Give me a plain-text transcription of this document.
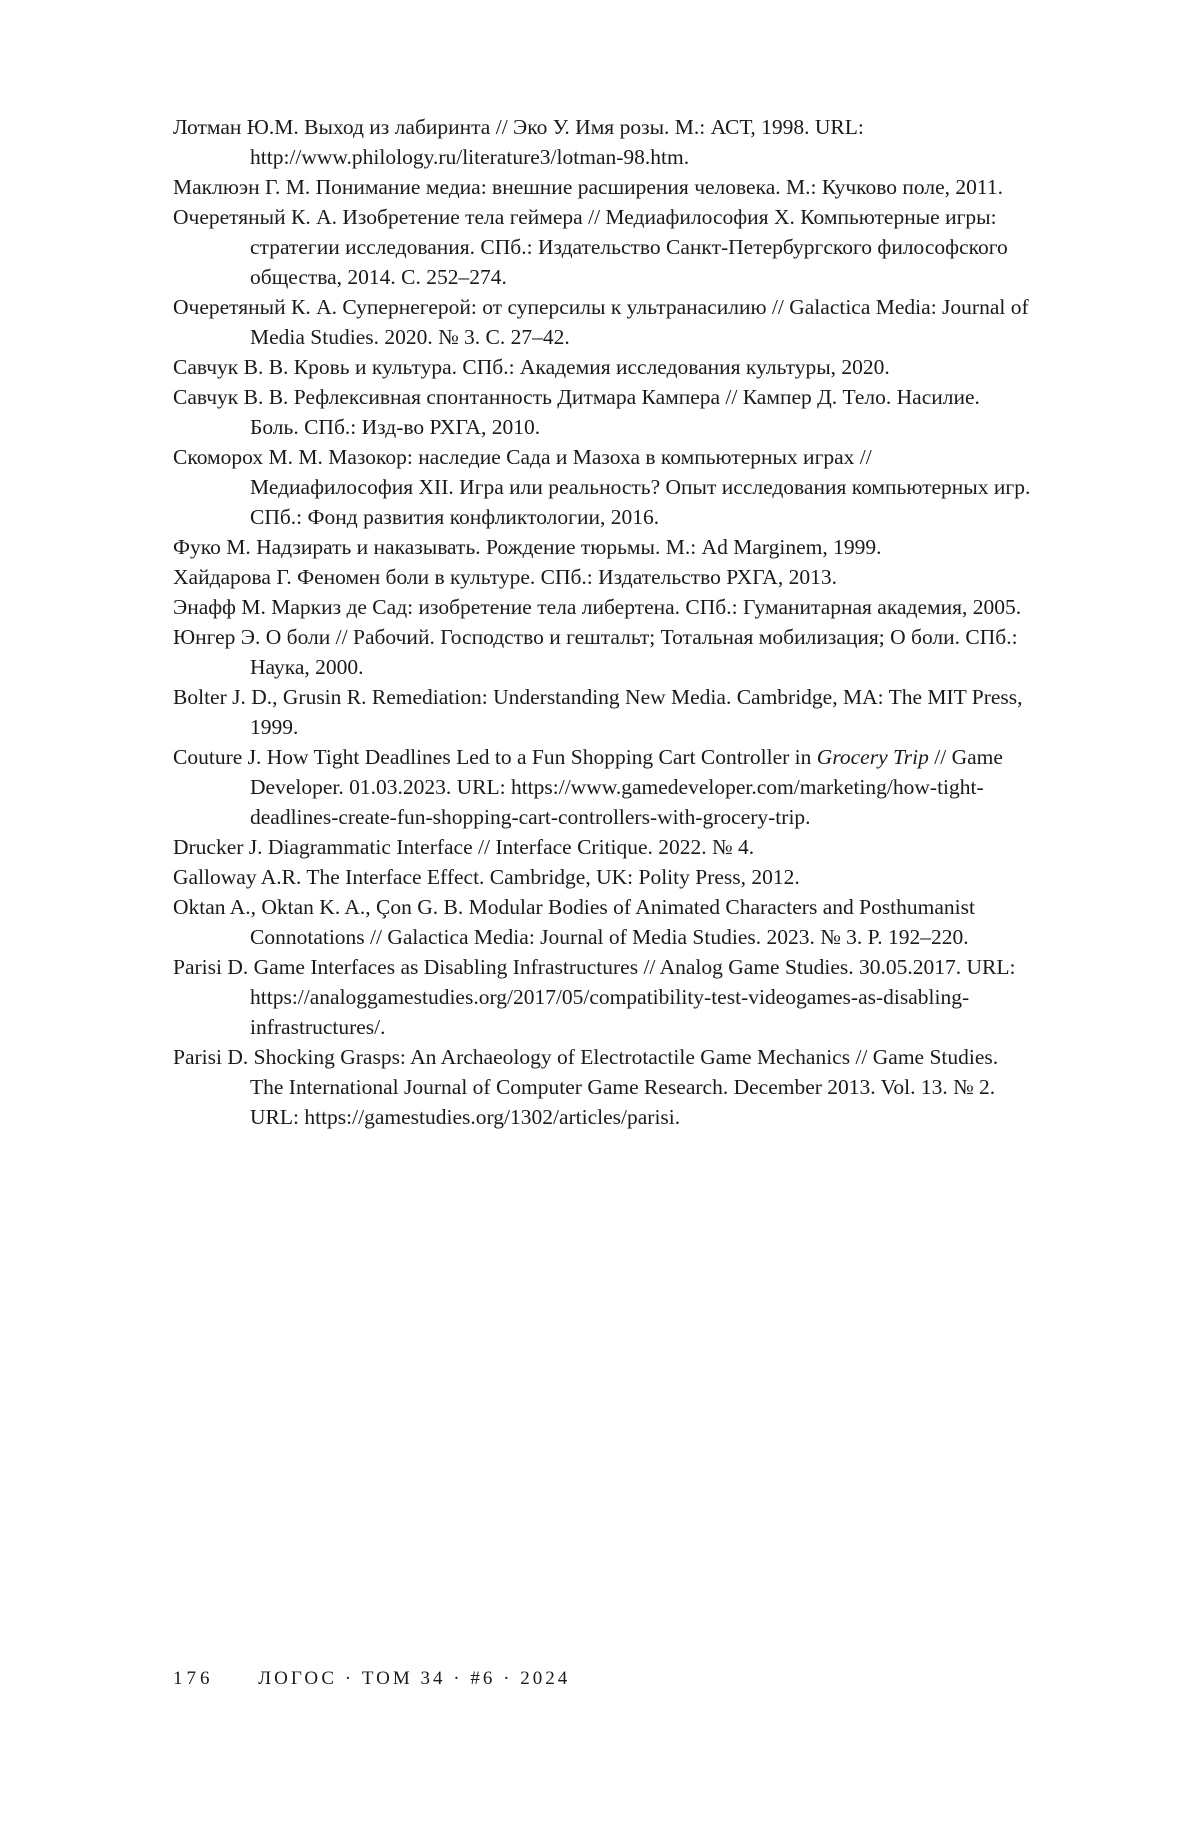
Лотман Ю.М. Выход из лабиринта // Эко У. Имя розы. М.: АСТ, 1998. URL: http://www.philology.ru/literature3/lotman-98.htm.

Маклюэн Г. М. Понимание медиа: внешние расширения человека. М.: Кучково поле, 2011.

Очеретяный К. А. Изобретение тела геймера // Медиафилософия X. Компьютерные игры: стратегии исследования. СПб.: Издательство Санкт-Петербургского философского общества, 2014. С. 252–274.

Очеретяный К. А. Супернегерой: от суперсилы к ультранасилию // Galactica Media: Journal of Media Studies. 2020. № 3. С. 27–42.

Савчук В. В. Кровь и культура. СПб.: Академия исследования культуры, 2020.

Савчук В. В. Рефлексивная спонтанность Дитмара Кампера // Кампер Д. Тело. Насилие. Боль. СПб.: Изд-во РХГА, 2010.

Скоморох М. М. Мазокор: наследие Сада и Мазоха в компьютерных играх // Медиафилософия XII. Игра или реальность? Опыт исследования компьютерных игр. СПб.: Фонд развития конфликтологии, 2016.

Фуко М. Надзирать и наказывать. Рождение тюрьмы. М.: Ad Marginem, 1999.

Хайдарова Г. Феномен боли в культуре. СПб.: Издательство РХГА, 2013.

Энафф М. Маркиз де Сад: изобретение тела либертена. СПб.: Гуманитарная академия, 2005.

Юнгер Э. О боли // Рабочий. Господство и гештальт; Тотальная мобилизация; О боли. СПб.: Наука, 2000.

Bolter J. D., Grusin R. Remediation: Understanding New Media. Cambridge, MA: The MIT Press, 1999.

Couture J. How Tight Deadlines Led to a Fun Shopping Cart Controller in Grocery Trip // Game Developer. 01.03.2023. URL: https://www.gamedeveloper.com/marketing/how-tight-deadlines-create-fun-shopping-cart-controllers-with-grocery-trip.

Drucker J. Diagrammatic Interface // Interface Critique. 2022. № 4.

Galloway A.R. The Interface Effect. Cambridge, UK: Polity Press, 2012.

Oktan A., Oktan K. A., Çon G. B. Modular Bodies of Animated Characters and Posthumanist Connotations // Galactica Media: Journal of Media Studies. 2023. № 3. P. 192–220.

Parisi D. Game Interfaces as Disabling Infrastructures // Analog Game Studies. 30.05.2017. URL: https://analoggamestudies.org/2017/05/compatibility-test-videogames-as-disabling-infrastructures/.

Parisi D. Shocking Grasps: An Archaeology of Electrotactile Game Mechanics // Game Studies. The International Journal of Computer Game Research. December 2013. Vol. 13. № 2. URL: https://gamestudies.org/1302/articles/parisi.

176 ЛОГОС · ТОМ 34 · #6 · 2024
